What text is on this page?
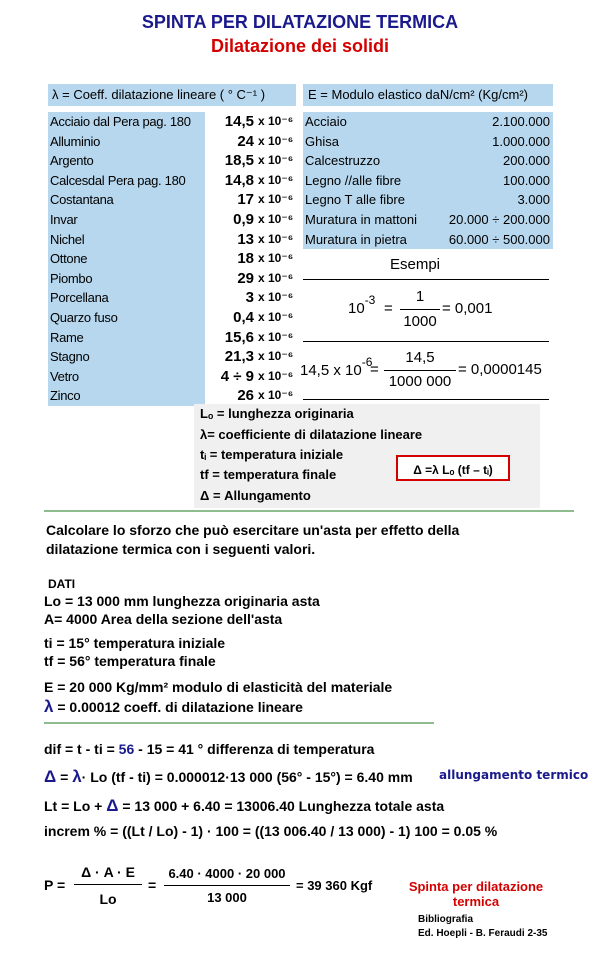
SPINTA PER DILATAZIONE TERMICA
Dilatazione dei solidi
λ = Coeff. dilatazione lineare ( ° C⁻¹ )
Acciaio dal Pera pag. 180	14,5 x 10⁻⁶
Alluminio	24 x 10⁻⁶
Argento	18,5 x 10⁻⁶
Calcesdal Pera pag. 180	14,8 x 10⁻⁶
Costantana	17 x 10⁻⁶
Invar	0,9 x 10⁻⁶
Nichel	13 x 10⁻⁶
Ottone	18 x 10⁻⁶
Piombo	29 x 10⁻⁶
Porcellana	3 x 10⁻⁶
Quarzo fuso	0,4 x 10⁻⁶
Rame	15,6 x 10⁻⁶
Stagno	21,3 x 10⁻⁶
Vetro	4 ÷ 9 x 10⁻⁶
Zinco	26 x 10⁻⁶
E = Modulo elastico daN/cm² (Kg/cm²)
Acciaio	2.100.000
Ghisa	1.000.000
Calcestruzzo	200.000
Legno //alle fibre	100.000
Legno T alle fibre	3.000
Muratura in mattoni	20.000 ÷ 200.000
Muratura in pietra	60.000 ÷ 500.000
Esempi
$10^{-3}$ =
1
1000
= 0,001
14,5 x $10^{-6}$
=
14,5
1000 000
= 0,0000145
Lₒ = lunghezza originaria
λ= coefficiente di dilatazione lineare
tᵢ = temperatura iniziale
tf = temperatura finale
Δ = Allungamento
Δ =λ Lₒ (tf – tᵢ)
Calcolare lo sforzo che può esercitare un'asta per effetto della
dilatazione termica con i seguenti valori.
DATI
Lo = 13 000 mm lunghezza originaria asta
A= 4000 Area della sezione dell'asta
ti = 15° temperatura iniziale
tf = 56° temperatura finale
E = 20 000 Kg/mm² modulo di elasticità del materiale
λ = 0.00012 coeff. di dilatazione lineare
dif = t - ti = 56 - 15 = 41 ° differenza di temperatura
Δ = λ· Lo (tf - ti) = 0.000012·13 000 (56° - 15°) = 6.40 mm allungamento termico
Lt = Lo + Δ = 13 000 + 6.40 = 13006.40 Lunghezza totale asta
increm % = ((Lt / Lo) - 1) · 100 = ((13 006.40 / 13 000) - 1) 100 = 0.05 %
P =
Δ · A · E
Lo
=
6.40 · 4000 · 20 000
13 000
= 39 360 Kgf	Spinta per dilatazione
termica
Bibliografia
Ed. Hoepli - B. Feraudi 2-35
